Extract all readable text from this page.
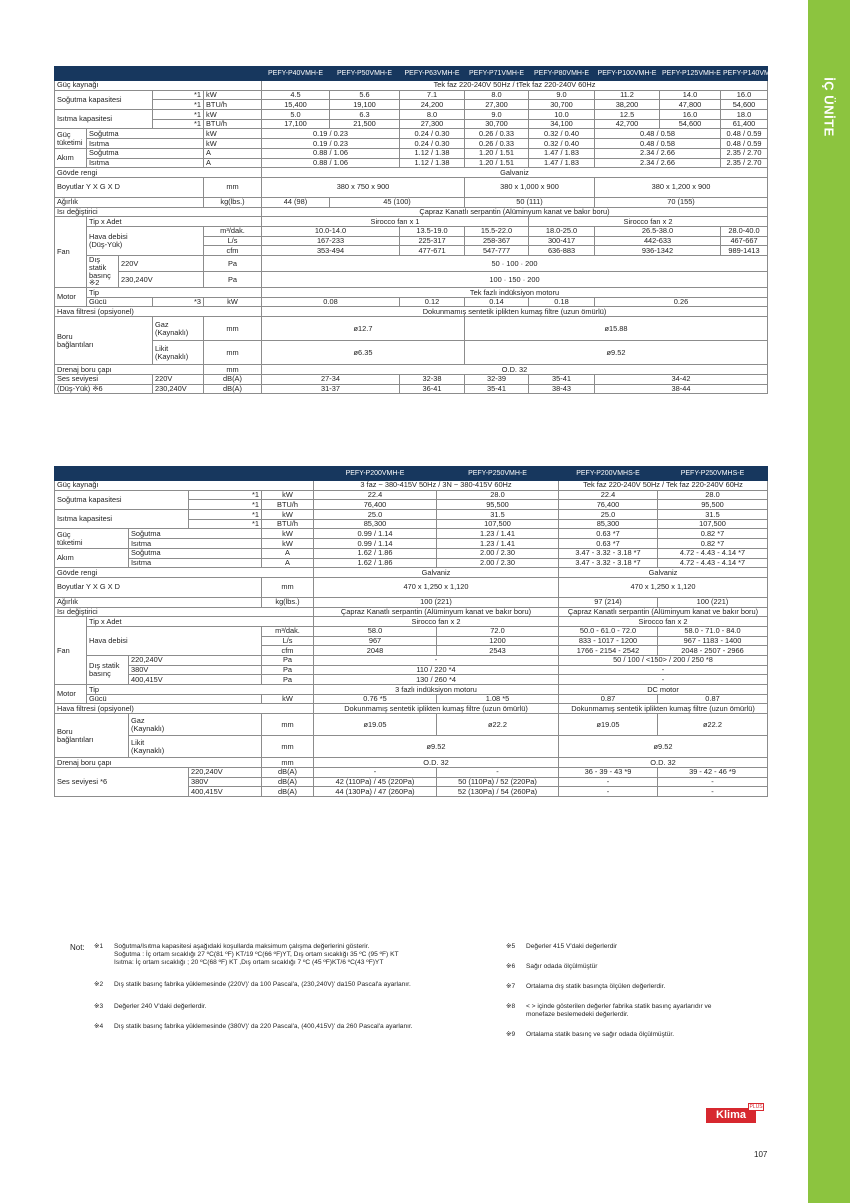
İÇ ÜNİTE
					PEFY-P40VMH-E	PEFY-P50VMH-E	PEFY-P63VMH-E	PEFY-P71VMH-E	PEFY-P80VMH-E	PEFY-P100VMH-E	PEFY-P125VMH-E	PEFY-P140VMH-E
Güç kaynağı					Tek faz 220-240V 50Hz / tTek faz 220-240V 60Hz							
Soğutma kapasitesi			*1	kW	4.5	5.6	7.1	8.0	9.0	11.2	14.0	16.0
			*1	BTU/h	15,400	19,100	24,200	27,300	30,700	38,200	47,800	54,600
Isıtma kapasitesi			*1	kW	5.0	6.3	8.0	9.0	10.0	12.5	16.0	18.0
			*1	BTU/h	17,100	21,500	27,300	30,700	34,100	42,700	54,600	61,400
Güç
tüketimi	Soğutma			kW	0.19 / 0.23		0.24 / 0.30	0.26 / 0.33	0.32 / 0.40	0.48 / 0.58		0.48 / 0.59
	Isıtma			kW	0.19 / 0.23		0.24 / 0.30	0.26 / 0.33	0.32 / 0.40	0.48 / 0.58		0.48 / 0.59
Akım	Soğutma			A	0.88 / 1.06		1.12 / 1.38	1.20 / 1.51	1.47 / 1.83	2.34 / 2.66		2.35 / 2.70
	Isıtma			A	0.88 / 1.06		1.12 / 1.38	1.20 / 1.51	1.47 / 1.83	2.34 / 2.66		2.35 / 2.70
Gövde rengi					Galvaniz							
Boyutlar Y X G X D				mm	380 x 750 x 900			380 x 1,000 x 900		380 x 1,200 x 900		
Ağırlık				kg(lbs.)	44 (98)	45 (100)		50 (111)		70 (155)		
Isı değiştirici					Çapraz Kanatlı serpantin (Alüminyum kanat ve bakır boru)							
Fan	Tip x Adet				Sirocco fan x 1				Sirocco fan x 2			
	Hava debisi
(Düş-Yük)			m³/dak.	10.0-14.0		13.5-19.0	15.5-22.0	18.0-25.0	26.5-38.0		28.0-40.0
				L/s	167-233		225-317	258-367	300-417	442-633		467-667
				cfm	353-494		477-671	547-777	636-883	936-1342		989-1413
	Dış statik
basınç ※2	220V		Pa	50 · 100 · 200							
		230,240V		Pa	100 · 150 · 200							
Motor	Tip				Tek fazlı indüksiyon motoru							
	Gücü		*3	kW	0.08		0.12	0.14	0.18	0.26		
Hava filtresi (opsiyonel)					Dokunmamış sentetik iplikten kumaş filtre (uzun ömürlü)							
Boru
bağlantıları			Gaz
(Kaynaklı)	mm	ø12.7			ø15.88				
			Likit
(Kaynaklı)	mm	ø6.35			ø9.52				
Drenaj boru çapı				mm	O.D. 32							
Ses seviyesi			220V	dB(A)	27-34		32-38	32-39	35-41	34-42		
(Düş-Yük) ※6			230,240V	dB(A)	31-37		36-41	35-41	38-43	38-44		
					PEFY-P200VMH-E	PEFY-P250VMH-E	PEFY-P200VMHS-E	PEFY-P250VMHS-E
Güç kaynağı					3 faz ~ 380-415V 50Hz / 3N ~ 380-415V 60Hz		Tek faz 220-240V 50Hz / Tek faz 220-240V 60Hz	
Soğutma kapasitesi			*1	kW	22.4	28.0	22.4	28.0
			*1	BTU/h	76,400	95,500	76,400	95,500
Isıtma kapasitesi			*1	kW	25.0	31.5	25.0	31.5
			*1	BTU/h	85,300	107,500	85,300	107,500
Güç
tüketimi		Soğutma		kW	0.99 / 1.14	1.23 / 1.41	0.63 *7	0.82 *7
		Isıtma		kW	0.99 / 1.14	1.23 / 1.41	0.63 *7	0.82 *7
Akım		Soğutma		A	1.62 / 1.86	2.00 / 2.30	3.47 - 3.32 - 3.18 *7	4.72 - 4.43 - 4.14 *7
		Isıtma		A	1.62 / 1.86	2.00 / 2.30	3.47 - 3.32 - 3.18 *7	4.72 - 4.43 - 4.14 *7
Gövde rengi					Galvaniz		Galvaniz	
Boyutlar Y X G X D				mm	470 x 1,250 x 1,120		470 x 1,250 x 1,120	
Ağırlık				kg(lbs.)	100 (221)		97 (214)	100 (221)
Isı değiştirici					Çapraz Kanatlı serpantin (Alüminyum kanat ve bakır boru)		Çapraz Kanatlı serpantin (Alüminyum kanat ve bakır boru)	
Fan	Tip x Adet				Sirocco fan x 2		Sirocco fan x 2	
	Hava debisi			m³/dak.	58.0	72.0	50.0 - 61.0 - 72.0	58.0 - 71.0 - 84.0
				L/s	967	1200	833 - 1017 - 1200	967 - 1183 - 1400
				cfm	2048	2543	1766 - 2154 - 2542	2048 - 2507 - 2966
	Dış statik
basınç	220,240V		Pa	-		50 / 100 / <150> / 200 / 250 *8	
		380V		Pa	110 / 220 *4		-	
		400,415V		Pa	130 / 260 *4		-	
Motor	Tip				3 fazlı indüksiyon motoru		DC motor	
	Gücü			kW	0.76 *5	1.08 *5	0.87	0.87
Hava filtresi (opsiyonel)					Dokunmamış sentetik iplikten kumaş filtre (uzun ömürlü)		Dokunmamış sentetik iplikten kumaş filtre (uzun ömürlü)	
Boru
bağlantıları		Gaz
(Kaynaklı)		mm	ø19.05	ø22.2	ø19.05	ø22.2
		Likit
(Kaynaklı)		mm	ø9.52		ø9.52	
Drenaj boru çapı				mm	O.D. 32		O.D. 32	
Ses seviyesi *6			220,240V	dB(A)	-	-	36 - 39 - 43 *9	39 - 42 - 46 *9
			380V	dB(A)	42 (110Pa) / 45 (220Pa)	50 (110Pa) / 52 (220Pa)	-	-
			400,415V	dB(A)	44 (130Pa) / 47 (260Pa)	52 (130Pa) / 54 (260Pa)	-	-
Not: ※1 Soğutma/Isıtma kapasitesi aşağıdaki koşullarda maksimum çalışma değerlerini gösterir.
Soğutma : İç ortam sıcaklığı 27 ºC(81 ºF) KT/19 ºC(66 ºF)YT, Dış ortam sıcaklığı 35 ºC (95 ºF) KT
Isıtma: İç ortam sıcaklığı ; 20 ºC(68 ºF) KT ,Dış ortam sıcaklığı 7 ºC (45 ºF)KT/6 ºC(43 ºF)YT
※2 Dış statik basınç fabrika yüklemesinde (220V)' da 100 Pascal'a, (230,240V)' da150 Pascal'a ayarlanır.
※3 Değerler 240 V'daki değerlerdir.
※4 Dış statik basınç fabrika yüklemesinde (380V)' da 220 Pascal'a, (400,415V)' da 260 Pascal'a ayarlanır.
※5 Değerler 415 V'daki değerlerdir
※6 Sağır odada ölçülmüştür
※7 Ortalama dış statik basınçta ölçülen değerlerdir.
※8 < > içinde gösterilen değerler fabrika statik basınç ayarlarıdır ve
monefaze beslemedeki değerlerdir.
※9 Ortalama statik basınç ve sağır odada ölçülmüştür.
Klima
PLUS
107
